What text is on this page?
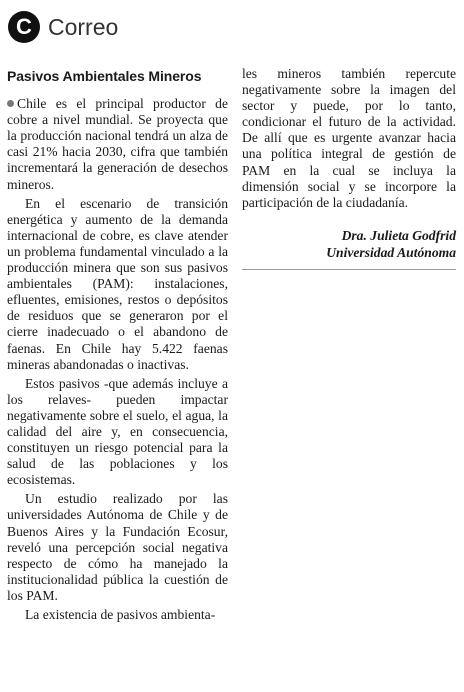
C Correo
Pasivos Ambientales Mineros

Chile es el principal productor de cobre a nivel mundial. Se proyecta que la producción nacional tendrá un alza de casi 21% hacia 2030, cifra que también incrementará la generación de desechos mineros.

En el escenario de transición energética y aumento de la demanda internacional de cobre, es clave atender un problema fundamental vinculado a la producción minera que son sus pasivos ambientales (PAM): instalaciones, efluentes, emisiones, restos o depósitos de residuos que se generaron por el cierre inadecuado o el abandono de faenas. En Chile hay 5.422 faenas mineras abandonadas o inactivas.

Estos pasivos -que además incluye a los relaves- pueden impactar negativamente sobre el suelo, el agua, la calidad del aire y, en consecuencia, constituyen un riesgo potencial para la salud de las poblaciones y los ecosistemas.

Un estudio realizado por las universidades Autónoma de Chile y de Buenos Aires y la Fundación Ecosur, reveló una percepción social negativa respecto de cómo ha manejado la institucionalidad pública la cuestión de los PAM.

La existencia de pasivos ambienta-

les mineros también repercute negativamente sobre la imagen del sector y puede, por lo tanto, condicionar el futuro de la actividad. De allí que es urgente avanzar hacia una política integral de gestión de PAM en la cual se incluya la dimensión social y se incorpore la participación de la ciudadanía.

Dra. Julieta Godfrid
Universidad Autónoma
